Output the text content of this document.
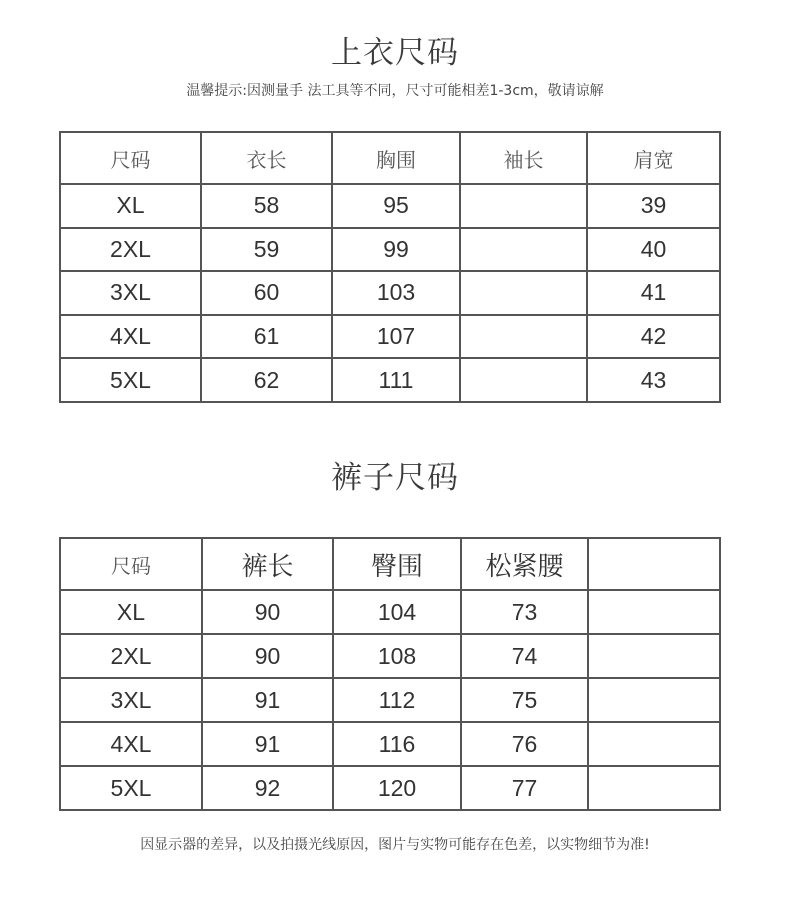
上衣尺码
温馨提示:因测量手 法工具等不同，尺寸可能相差1-3cm，敬请谅解
尺码	衣长	胸围	袖长	肩宽
XL	58	95		39
2XL	59	99		40
3XL	60	103		41
4XL	61	107		42
5XL	62	111		43
裤子尺码
尺码	裤长	臀围	松紧腰	
XL	90	104	73	
2XL	90	108	74	
3XL	91	112	75	
4XL	91	116	76	
5XL	92	120	77	
因显示器的差异，以及拍摄光线原因，图片与实物可能存在色差，以实物细节为准!
